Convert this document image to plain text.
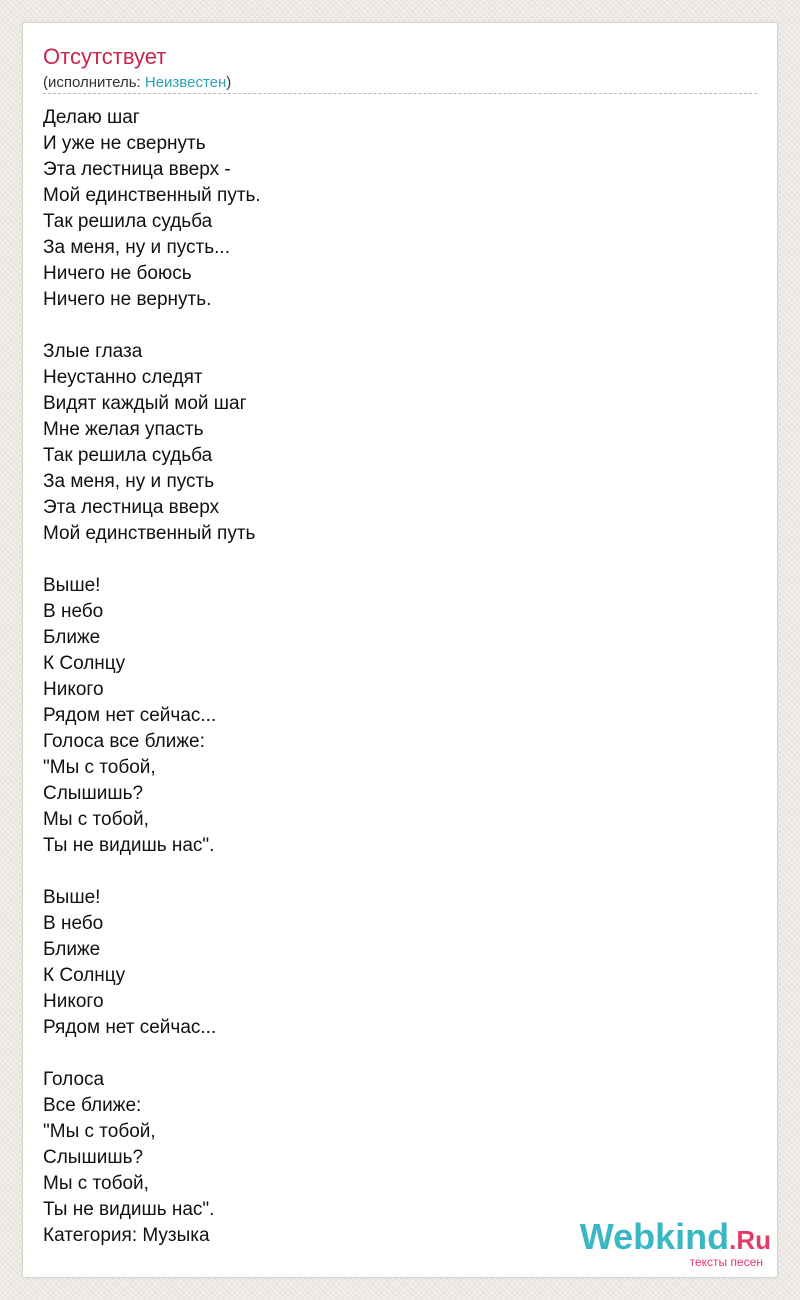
Отсутствует
(исполнитель: Неизвестен)
Делаю шаг
И уже не свернуть
Эта лестница вверх -
Мой единственный путь.
Так решила судьба
За меня, ну и пусть...
Ничего не боюсь
Ничего не вернуть.
Злые глаза
Неустанно следят
Видят каждый мой шаг
Мне желая упасть
Так решила судьба
За меня, ну и пусть
Эта лестница вверх
Мой единственный путь
Выше!
В небо
Ближе
К Солнцу
Никого
Рядом нет сейчас...
Голоса все ближе:
"Мы с тобой,
Слышишь?
Мы с тобой,
Ты не видишь нас".
Выше!
В небо
Ближе
К Солнцу
Никого
Рядом нет сейчас...
Голоса
Все ближе:
"Мы с тобой,
Слышишь?
Мы с тобой,
Ты не видишь нас".
Категория: Музыка	Webkind.Ru
тексты песен
